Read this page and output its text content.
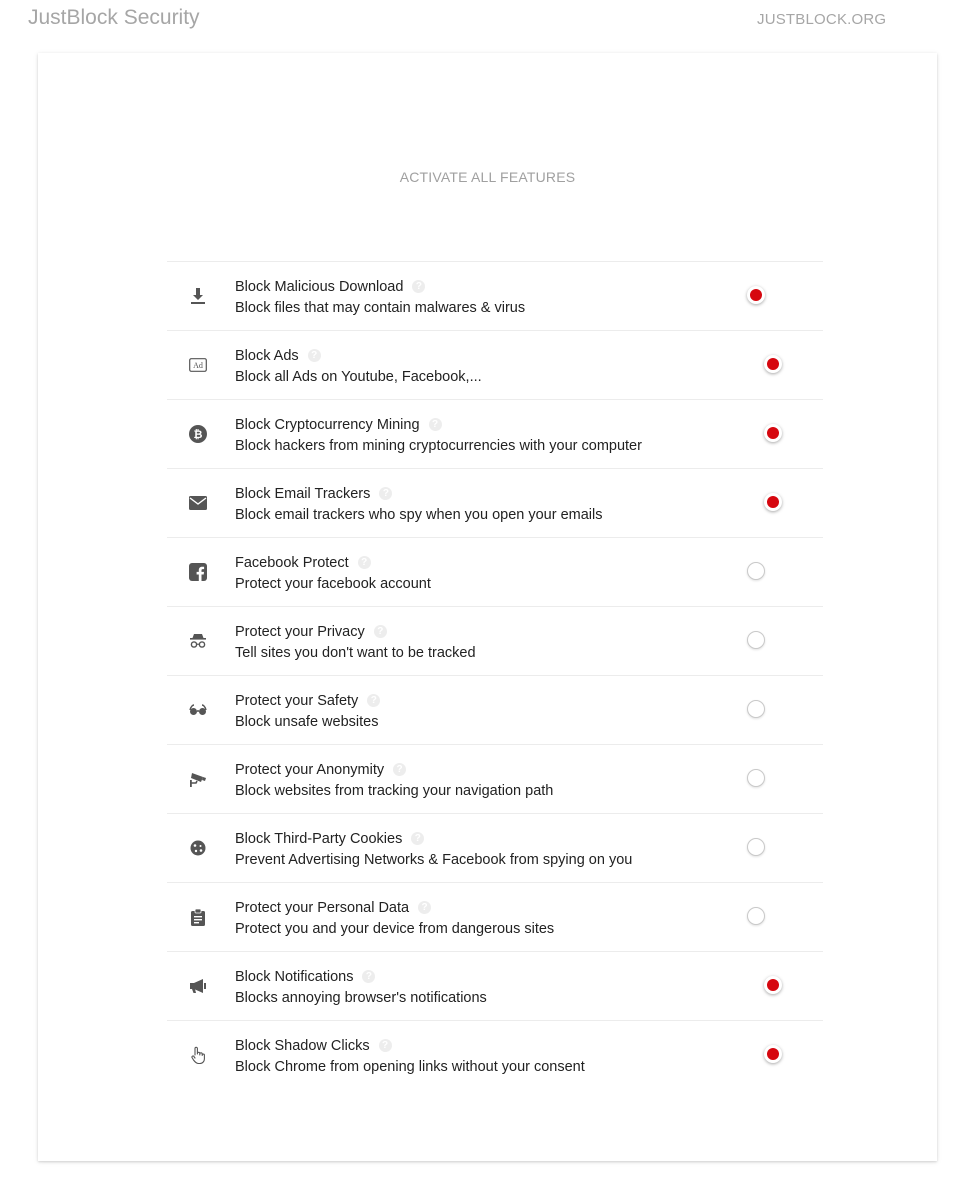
JustBlock Security	JUSTBLOCK.ORG
ACTIVATE ALL FEATURES
Block Malicious Download ?
Block files that may contain malwares & virus
Ad
Block Ads ?
Block all Ads on Youtube, Facebook,...
₿
Block Cryptocurrency Mining ?
Block hackers from mining cryptocurrencies with your computer
Block Email Trackers ?
Block email trackers who spy when you open your emails
Facebook Protect ?
Protect your facebook account
Protect your Privacy ?
Tell sites you don't want to be tracked
Protect your Safety ?
Block unsafe websites
Protect your Anonymity ?
Block websites from tracking your navigation path
Block Third-Party Cookies ?
Prevent Advertising Networks & Facebook from spying on you
Protect your Personal Data ?
Protect you and your device from dangerous sites
Block Notifications ?
Blocks annoying browser's notifications
Block Shadow Clicks ?
Block Chrome from opening links without your consent
